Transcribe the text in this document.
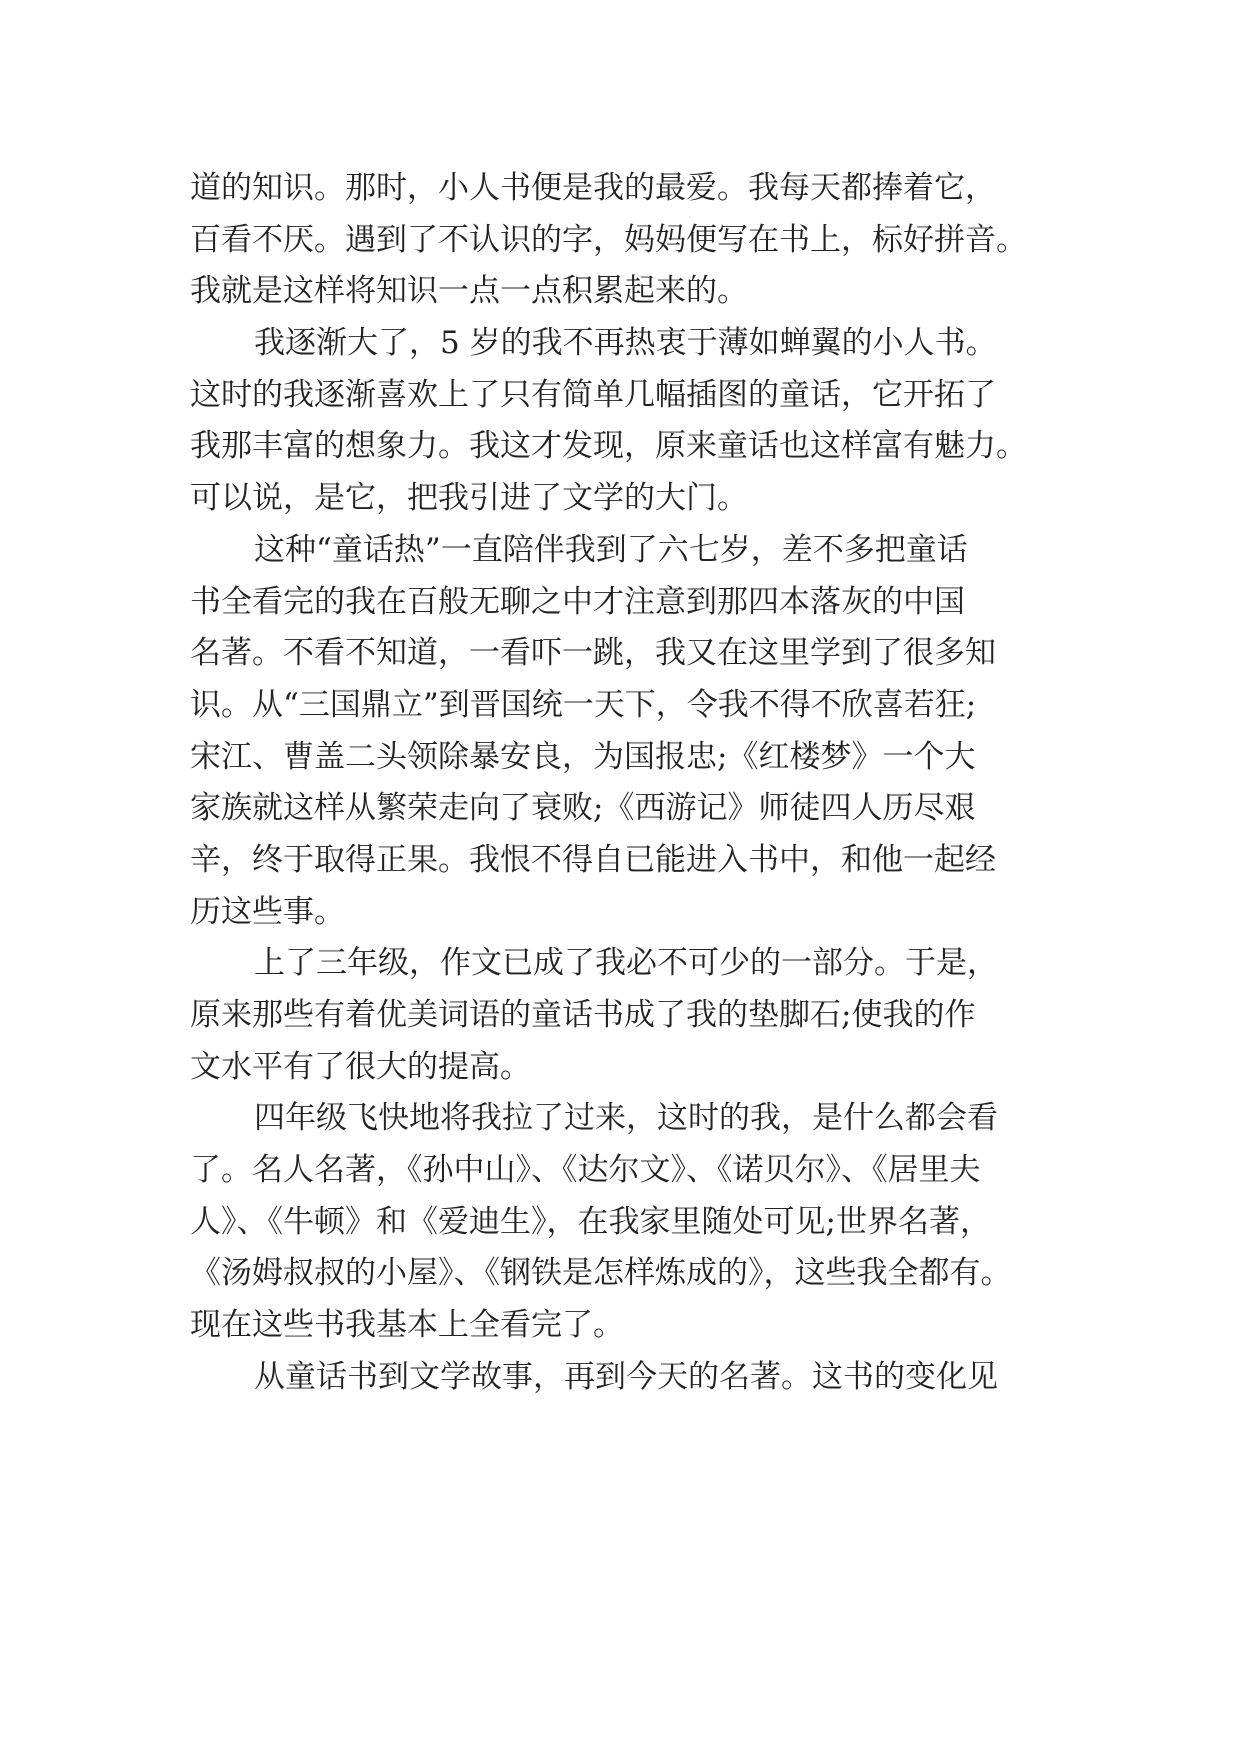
道的知识。那时，小人书便是我的最爱。我每天都捧着它，
百看不厌。遇到了不认识的字，妈妈便写在书上，标好拼音。
我就是这样将知识一点一点积累起来的。
我逐渐大了，5 岁的我不再热衷于薄如蝉翼的小人书。
这时的我逐渐喜欢上了只有简单几幅插图的童话，它开拓了
我那丰富的想象力。我这才发现，原来童话也这样富有魅力。
可以说，是它，把我引进了文学的大门。
这种“童话热”一直陪伴我到了六七岁，差不多把童话
书全看完的我在百般无聊之中才注意到那四本落灰的中国
名著。不看不知道，一看吓一跳，我又在这里学到了很多知
识。从“三国鼎立”到晋国统一天下，令我不得不欣喜若狂;
宋江、曹盖二头领除暴安良，为国报忠;《红楼梦》一个大
家族就这样从繁荣走向了衰败;《西游记》师徒四人历尽艰
辛，终于取得正果。我恨不得自已能进入书中，和他一起经
历这些事。
上了三年级，作文已成了我必不可少的一部分。于是，
原来那些有着优美词语的童话书成了我的垫脚石;使我的作
文水平有了很大的提高。
四年级飞快地将我拉了过来，这时的我，是什么都会看
了。名人名著，《孙中山》、《达尔文》、《诺贝尔》、《居里夫
人》、《牛顿》和《爱迪生》，在我家里随处可见;世界名著，
《汤姆叔叔的小屋》、《钢铁是怎样炼成的》，这些我全都有。
现在这些书我基本上全看完了。
从童话书到文学故事，再到今天的名著。这书的变化见
